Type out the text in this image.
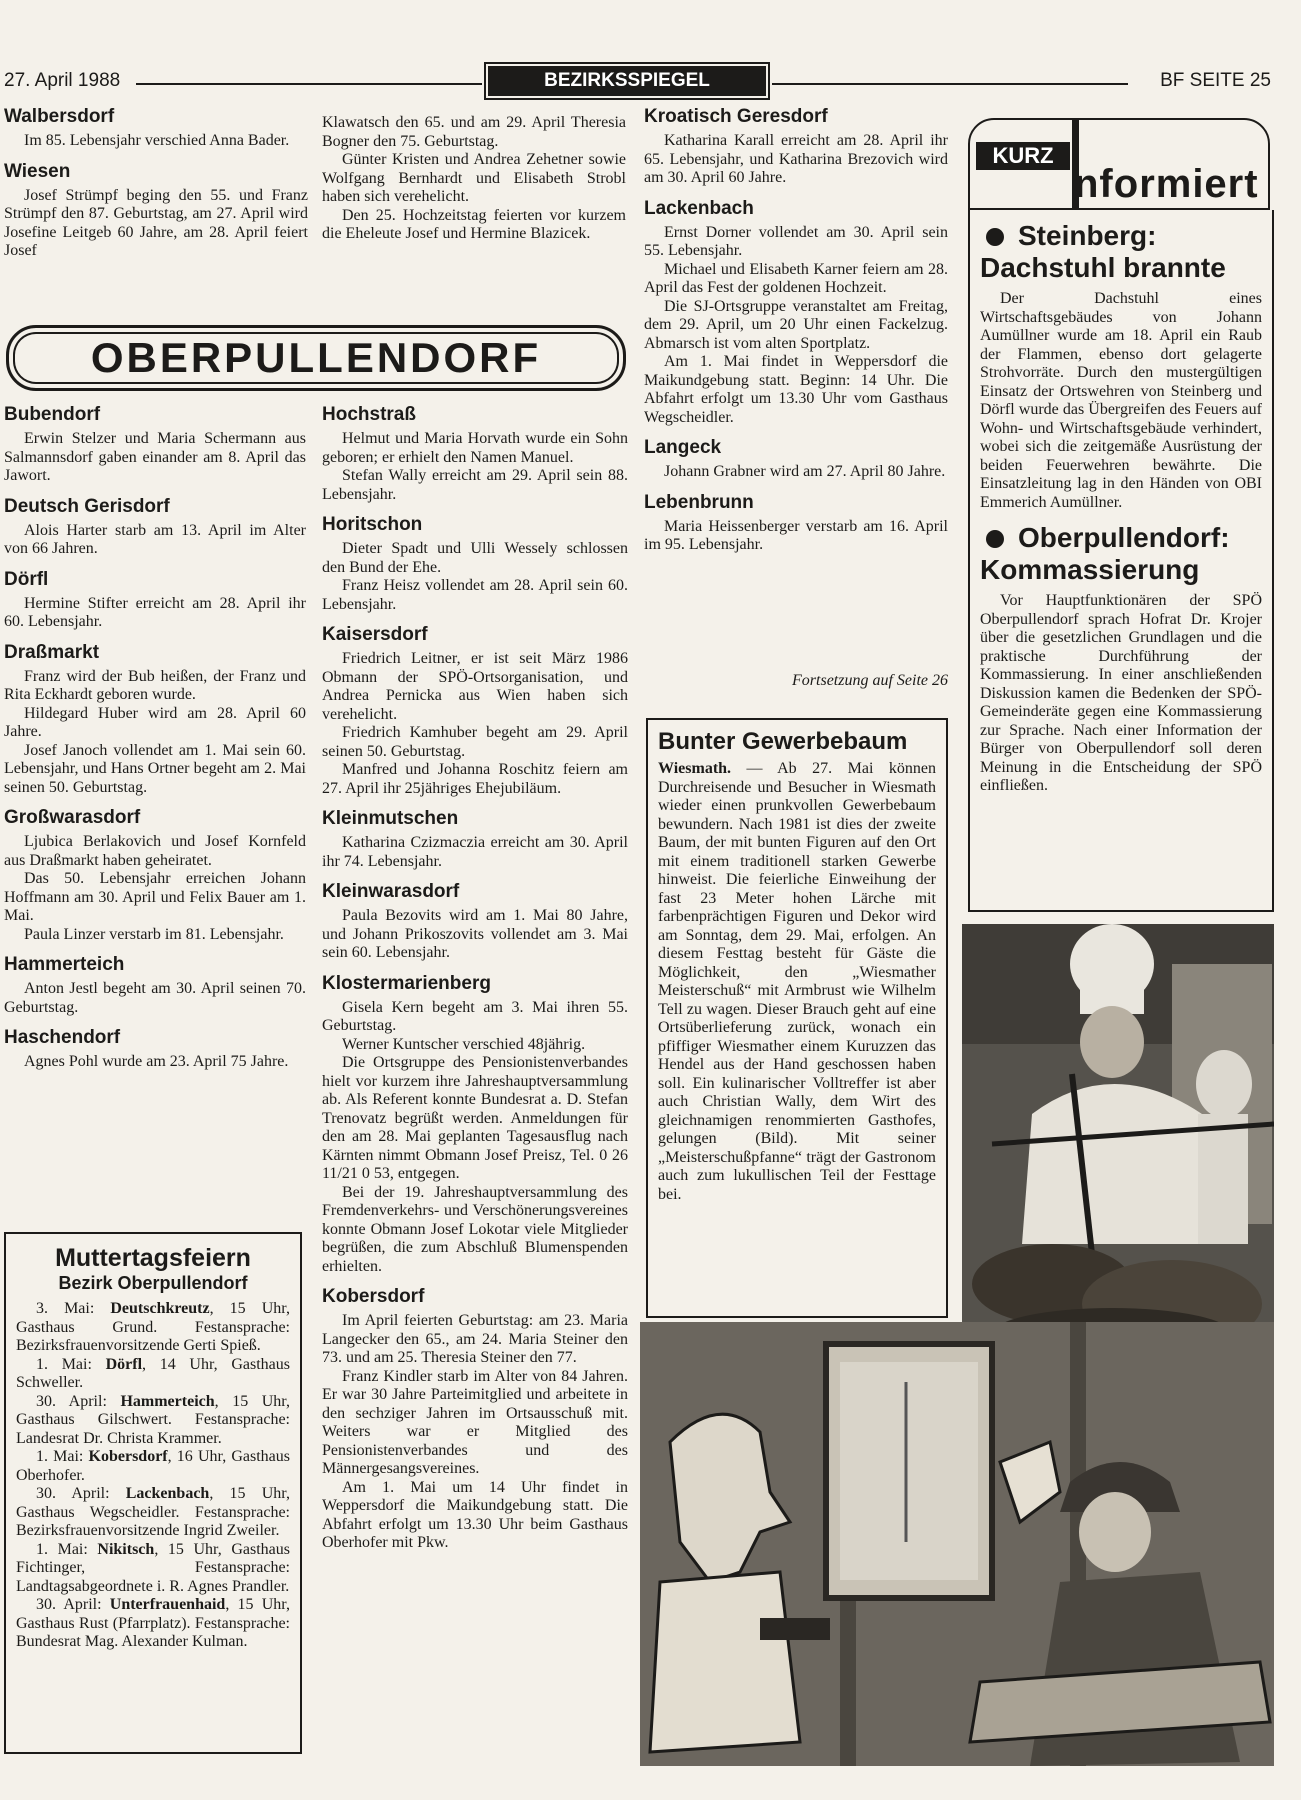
27. April 1988	BEZIRKSSPIEGEL	BF SEITE 25
Walbersdorf

Im 85. Lebensjahr verschied Anna Bader.

Wiesen

Josef Strümpf beging den 55. und Franz Strümpf den 87. Geburtstag, am 27. April wird Josefine Leitgeb 60 Jahre, am 28. April feiert Josef

Klawatsch den 65. und am 29. April Theresia Bogner den 75. Geburtstag.

Günter Kristen und Andrea Zehetner sowie Wolfgang Bernhardt und Elisabeth Strobl haben sich verehelicht.

Den 25. Hochzeitstag feierten vor kurzem die Eheleute Josef und Hermine Blazicek.

OBERPULLENDORF
Bubendorf

Erwin Stelzer und Maria Schermann aus Salmannsdorf gaben einander am 8. April das Jawort.

Deutsch Gerisdorf

Alois Harter starb am 13. April im Alter von 66 Jahren.

Dörfl

Hermine Stifter erreicht am 28. April ihr 60. Lebensjahr.

Draßmarkt

Franz wird der Bub heißen, der Franz und Rita Eckhardt geboren wurde.

Hildegard Huber wird am 28. April 60 Jahre.

Josef Janoch vollendet am 1. Mai sein 60. Lebensjahr, und Hans Ortner begeht am 2. Mai seinen 50. Geburtstag.

Großwarasdorf

Ljubica Berlakovich und Josef Kornfeld aus Draßmarkt haben geheiratet.

Das 50. Lebensjahr erreichen Johann Hoffmann am 30. April und Felix Bauer am 1. Mai.

Paula Linzer verstarb im 81. Lebensjahr.

Hammerteich

Anton Jestl begeht am 30. April seinen 70. Geburtstag.

Haschendorf

Agnes Pohl wurde am 23. April 75 Jahre.

Muttertagsfeiern
Bezirk Oberpullendorf

3. Mai: Deutschkreutz, 15 Uhr, Gasthaus Grund. Festansprache: Bezirksfrauenvorsitzende Gerti Spieß.

1. Mai: Dörfl, 14 Uhr, Gasthaus Schweller.

30. April: Hammerteich, 15 Uhr, Gasthaus Gilschwert. Festansprache: Landesrat Dr. Christa Krammer.

1. Mai: Kobersdorf, 16 Uhr, Gasthaus Oberhofer.

30. April: Lackenbach, 15 Uhr, Gasthaus Wegscheidler. Festansprache: Bezirksfrauenvorsitzende Ingrid Zweiler.

1. Mai: Nikitsch, 15 Uhr, Gasthaus Fichtinger, Festansprache: Landtagsabgeordnete i. R. Agnes Prandler.

30. April: Unterfrauenhaid, 15 Uhr, Gasthaus Rust (Pfarrplatz). Festansprache: Bundesrat Mag. Alexander Kulman.

Hochstraß

Helmut und Maria Horvath wurde ein Sohn geboren; er erhielt den Namen Manuel.

Stefan Wally erreicht am 29. April sein 88. Lebensjahr.

Horitschon

Dieter Spadt und Ulli Wessely schlossen den Bund der Ehe.

Franz Heisz vollendet am 28. April sein 60. Lebensjahr.

Kaisersdorf

Friedrich Leitner, er ist seit März 1986 Obmann der SPÖ-Ortsorganisation, und Andrea Pernicka aus Wien haben sich verehelicht.

Friedrich Kamhuber begeht am 29. April seinen 50. Geburtstag.

Manfred und Johanna Roschitz feiern am 27. April ihr 25jähriges Ehejubiläum.

Kleinmutschen

Katharina Czizmaczia erreicht am 30. April ihr 74. Lebensjahr.

Kleinwarasdorf

Paula Bezovits wird am 1. Mai 80 Jahre, und Johann Prikoszovits vollendet am 3. Mai sein 60. Lebensjahr.

Klostermarienberg

Gisela Kern begeht am 3. Mai ihren 55. Geburtstag.

Werner Kuntscher verschied 48jährig.

Die Ortsgruppe des Pensionistenverbandes hielt vor kurzem ihre Jahreshauptversammlung ab. Als Referent konnte Bundesrat a. D. Stefan Trenovatz begrüßt werden. Anmeldungen für den am 28. Mai geplanten Tagesausflug nach Kärnten nimmt Obmann Josef Preisz, Tel. 0 26 11/21 0 53, entgegen.

Bei der 19. Jahreshauptversammlung des Fremdenverkehrs- und Verschönerungsvereines konnte Obmann Josef Lokotar viele Mitglieder begrüßen, die zum Abschluß Blumenspenden erhielten.

Kobersdorf

Im April feierten Geburtstag: am 23. Maria Langecker den 65., am 24. Maria Steiner den 73. und am 25. Theresia Steiner den 77.

Franz Kindler starb im Alter von 84 Jahren. Er war 30 Jahre Parteimitglied und arbeitete in den sechziger Jahren im Ortsausschuß mit. Weiters war er Mitglied des Pensionistenverbandes und des Männergesangsvereines.

Am 1. Mai um 14 Uhr findet in Weppersdorf die Maikundgebung statt. Die Abfahrt erfolgt um 13.30 Uhr beim Gasthaus Oberhofer mit Pkw.

Kroatisch Geresdorf

Katharina Karall erreicht am 28. April ihr 65. Lebensjahr, und Katharina Brezovich wird am 30. April 60 Jahre.

Lackenbach

Ernst Dorner vollendet am 30. April sein 55. Lebensjahr.

Michael und Elisabeth Karner feiern am 28. April das Fest der goldenen Hochzeit.

Die SJ-Ortsgruppe veranstaltet am Freitag, dem 29. April, um 20 Uhr einen Fackelzug. Abmarsch ist vom alten Sportplatz.

Am 1. Mai findet in Weppersdorf die Maikundgebung statt. Beginn: 14 Uhr. Die Abfahrt erfolgt um 13.30 Uhr vom Gasthaus Wegscheidler.

Langeck

Johann Grabner wird am 27. April 80 Jahre.

Lebenbrunn

Maria Heissenberger verstarb am 16. April im 95. Lebensjahr.

Fortsetzung auf Seite 26
Bunter Gewerbebaum

Wiesmath. — Ab 27. Mai können Durchreisende und Besucher in Wiesmath wieder einen prunkvollen Gewerbebaum bewundern. Nach 1981 ist dies der zweite Baum, der mit bunten Figuren auf den Ort mit einem traditionell starken Gewerbe hinweist. Die feierliche Einweihung der fast 23 Meter hohen Lärche mit farbenprächtigen Figuren und Dekor wird am Sonntag, dem 29. Mai, erfolgen. An diesem Festtag besteht für Gäste die Möglichkeit, den „Wiesmather Meisterschuß“ mit Armbrust wie Wilhelm Tell zu wagen. Dieser Brauch geht auf eine Ortsüberlieferung zurück, wonach ein pfiffiger Wiesmather einem Kuruzzen das Hendel aus der Hand geschossen haben soll. Ein kulinarischer Volltreffer ist aber auch Christian Wally, dem Wirt des gleichnamigen renommierten Gasthofes, gelungen (Bild). Mit seiner „Meisterschußpfanne“ trägt der Gastronom auch zum lukullischen Teil der Festtage bei.

KURZ
nformiert
Steinberg: Dachstuhl brannte

Der Dachstuhl eines Wirtschaftsgebäudes von Johann Aumüllner wurde am 18. April ein Raub der Flammen, ebenso dort gelagerte Strohvorräte. Durch den mustergültigen Einsatz der Ortswehren von Steinberg und Dörfl wurde das Übergreifen des Feuers auf Wohn- und Wirtschaftsgebäude verhindert, wobei sich die zeitgemäße Ausrüstung der beiden Feuerwehren bewährte. Die Einsatzleitung lag in den Händen von OBI Emmerich Aumüllner.

Oberpullendorf: Kommassierung

Vor Hauptfunktionären der SPÖ Oberpullendorf sprach Hofrat Dr. Krojer über die gesetzlichen Grundlagen und die praktische Durchführung der Kommassierung. In einer anschließenden Diskussion kamen die Bedenken der SPÖ-Gemeinderäte gegen eine Kommassierung zur Sprache. Nach einer Information der Bürger von Oberpullendorf soll deren Meinung in die Entscheidung der SPÖ einfließen.
